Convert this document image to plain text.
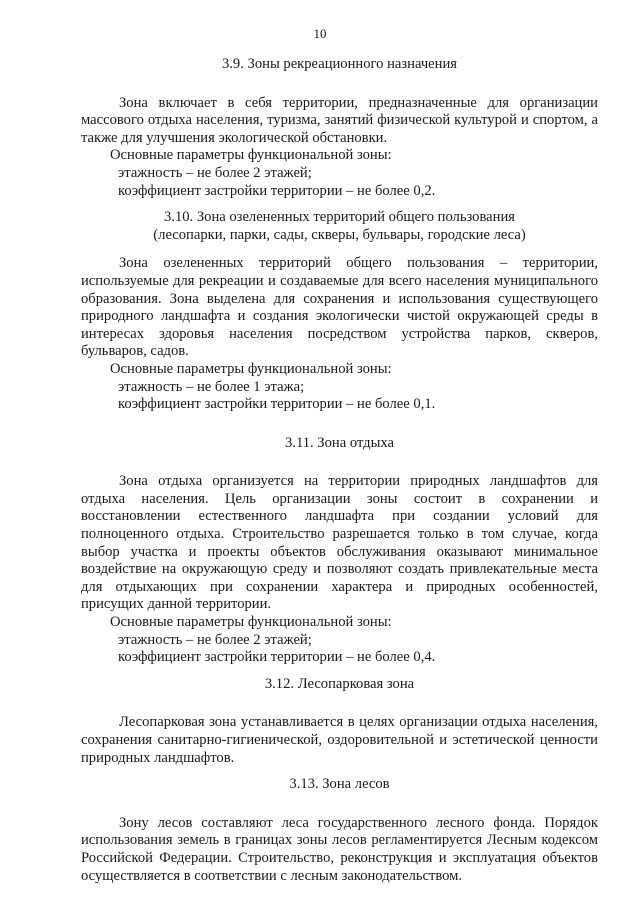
10

3.9. Зоны рекреационного назначения

Зона включает в себя территории, предназначенные для организации массового отдыха населения, туризма, занятий физической культурой и спортом, а также для улучшения экологической обстановки.

Основные параметры функциональной зоны:

этажность – не более 2 этажей;

коэффициент застройки территории – не более 0,2.

3.10. Зона озелененных территорий общего пользования

(лесопарки, парки, сады, скверы, бульвары, городские леса)

Зона озелененных территорий общего пользования – территории, используемые для рекреации и создаваемые для всего населения муниципального образования. Зона выделена для сохранения и использования существующего природного ландшафта и создания экологически чистой окружающей среды в интересах здоровья населения посредством устройства парков, скверов, бульваров, садов.

Основные параметры функциональной зоны:

этажность – не более 1 этажа;

коэффициент застройки территории – не более 0,1.

3.11. Зона отдыха

Зона отдыха организуется на территории природных ландшафтов для отдыха населения. Цель организации зоны состоит в сохранении и восстановлении естественного ландшафта при создании условий для полноценного отдыха. Строительство разрешается только в том случае, когда выбор участка и проекты объектов обслуживания оказывают минимальное воздействие на окружающую среду и позволяют создать привлекательные места для отдыхающих при сохранении характера и природных особенностей, присущих данной территории.

Основные параметры функциональной зоны:

этажность – не более 2 этажей;

коэффициент застройки территории – не более 0,4.

3.12. Лесопарковая зона

Лесопарковая зона устанавливается в целях организации отдыха населения, сохранения санитарно-гигиенической, оздоровительной и эстетической ценности природных ландшафтов.

3.13. Зона лесов

Зону лесов составляют леса государственного лесного фонда. Порядок использования земель в границах зоны лесов регламентируется Лесным кодексом Российской Федерации. Строительство, реконструкция и эксплуатация объектов осуществляется в соответствии с лесным законодательством.
